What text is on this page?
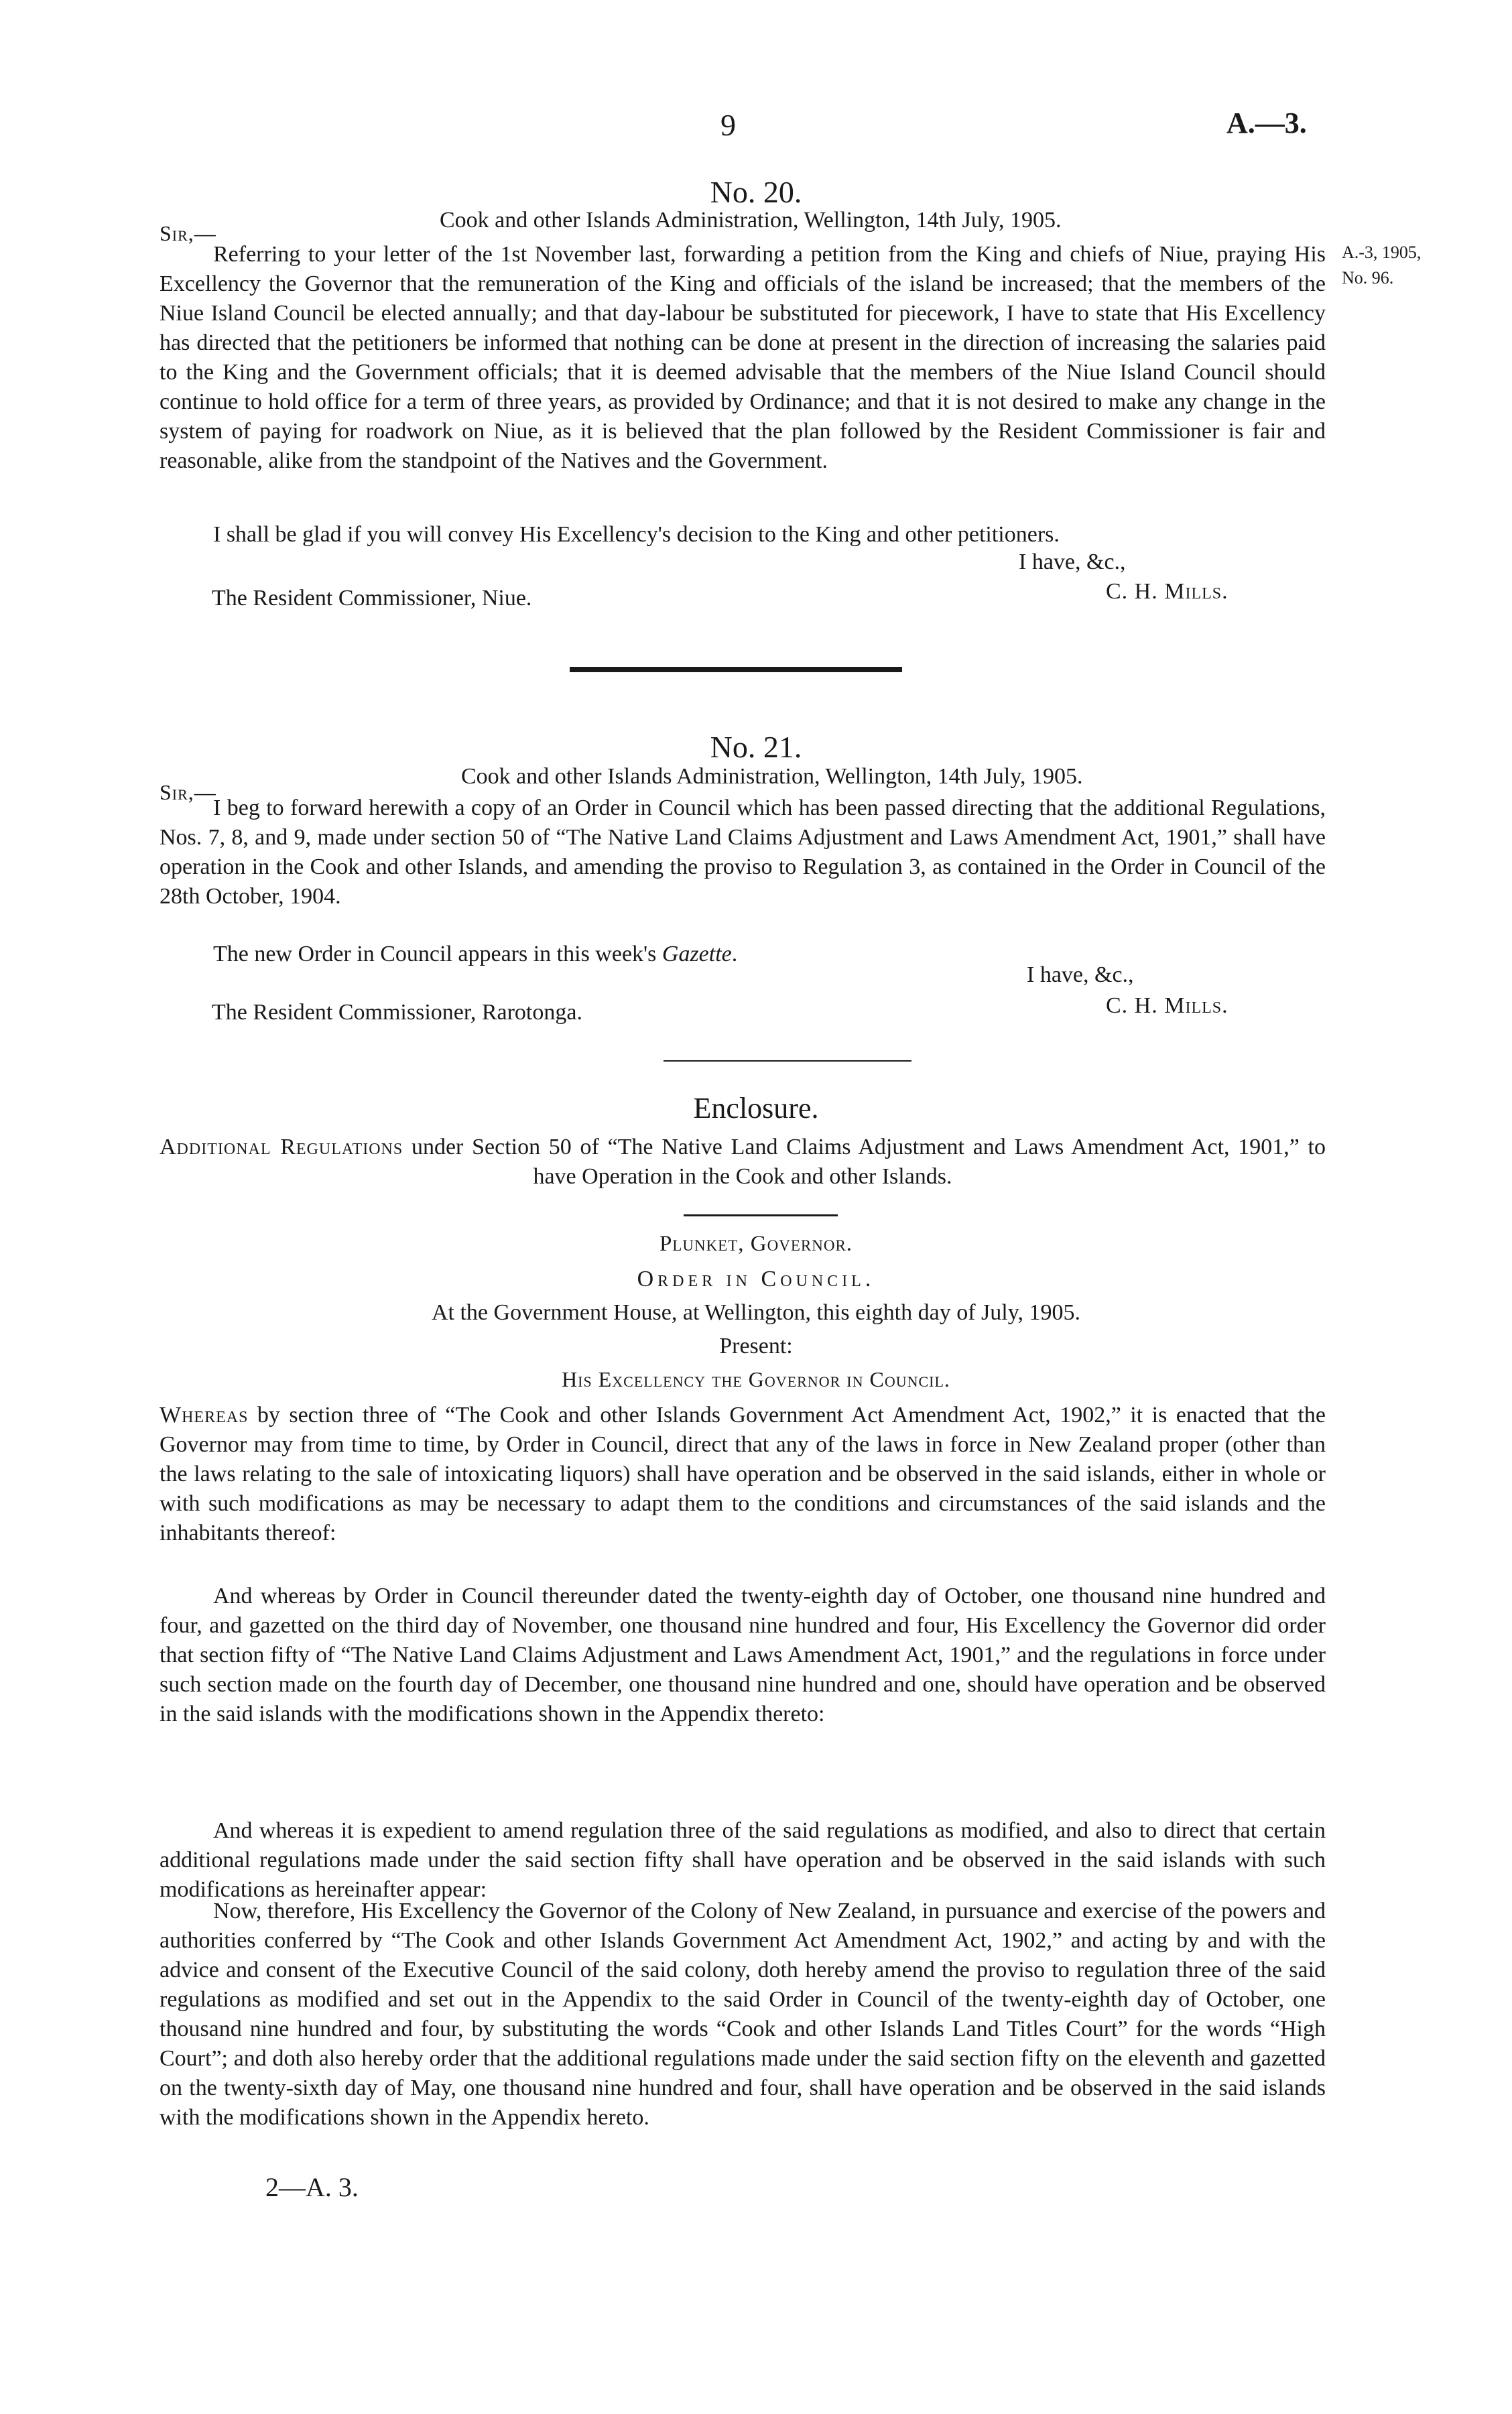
9	A.—3.
No. 20.
Sir,—
Cook and other Islands Administration, Wellington, 14th July, 1905.
A.-3, 1905,
No. 96.
Referring to your letter of the 1st November last, forwarding a petition from the King and chiefs of Niue, praying His Excellency the Governor that the remuneration of the King and officials of the island be increased; that the members of the Niue Island Council be elected annually; and that day-labour be substituted for piecework, I have to state that His Excellency has directed that the petitioners be informed that nothing can be done at present in the direction of increasing the salaries paid to the King and the Government officials; that it is deemed advisable that the members of the Niue Island Council should continue to hold office for a term of three years, as provided by Ordinance; and that it is not desired to make any change in the system of paying for roadwork on Niue, as it is believed that the plan followed by the Resident Commissioner is fair and reasonable, alike from the standpoint of the Natives and the Government.
I shall be glad if you will convey His Excellency's decision to the King and other petitioners.
I have, &c.,
C. H. Mills.
The Resident Commissioner, Niue.
No. 21.
Sir,—
Cook and other Islands Administration, Wellington, 14th July, 1905.
I beg to forward herewith a copy of an Order in Council which has been passed directing that the additional Regulations, Nos. 7, 8, and 9, made under section 50 of “The Native Land Claims Adjustment and Laws Amendment Act, 1901,” shall have operation in the Cook and other Islands, and amending the proviso to Regulation 3, as contained in the Order in Council of the 28th October, 1904.
The new Order in Council appears in this week's Gazette.
I have, &c.,
C. H. Mills.
The Resident Commissioner, Rarotonga.
Enclosure.
Additional Regulations under Section 50 of “The Native Land Claims Adjustment and Laws Amendment Act, 1901,” to have Operation in the Cook and other Islands.
Plunket, Governor.
Order in Council.
At the Government House, at Wellington, this eighth day of July, 1905.
Present:
His Excellency the Governor in Council.
Whereas by section three of “The Cook and other Islands Government Act Amendment Act, 1902,” it is enacted that the Governor may from time to time, by Order in Council, direct that any of the laws in force in New Zealand proper (other than the laws relating to the sale of intoxicating liquors) shall have operation and be observed in the said islands, either in whole or with such modifications as may be necessary to adapt them to the conditions and circumstances of the said islands and the inhabitants thereof:
And whereas by Order in Council thereunder dated the twenty-eighth day of October, one thousand nine hundred and four, and gazetted on the third day of November, one thousand nine hundred and four, His Excellency the Governor did order that section fifty of “The Native Land Claims Adjustment and Laws Amendment Act, 1901,” and the regulations in force under such section made on the fourth day of December, one thousand nine hundred and one, should have operation and be observed in the said islands with the modifications shown in the Appendix thereto:
And whereas it is expedient to amend regulation three of the said regulations as modified, and also to direct that certain additional regulations made under the said section fifty shall have operation and be observed in the said islands with such modifications as hereinafter appear:
Now, therefore, His Excellency the Governor of the Colony of New Zealand, in pursuance and exercise of the powers and authorities conferred by “The Cook and other Islands Government Act Amendment Act, 1902,” and acting by and with the advice and consent of the Executive Council of the said colony, doth hereby amend the proviso to regulation three of the said regulations as modified and set out in the Appendix to the said Order in Council of the twenty-eighth day of October, one thousand nine hundred and four, by substituting the words “Cook and other Islands Land Titles Court” for the words “High Court”; and doth also hereby order that the additional regulations made under the said section fifty on the eleventh and gazetted on the twenty-sixth day of May, one thousand nine hundred and four, shall have operation and be observed in the said islands with the modifications shown in the Appendix hereto.
2—A. 3.
